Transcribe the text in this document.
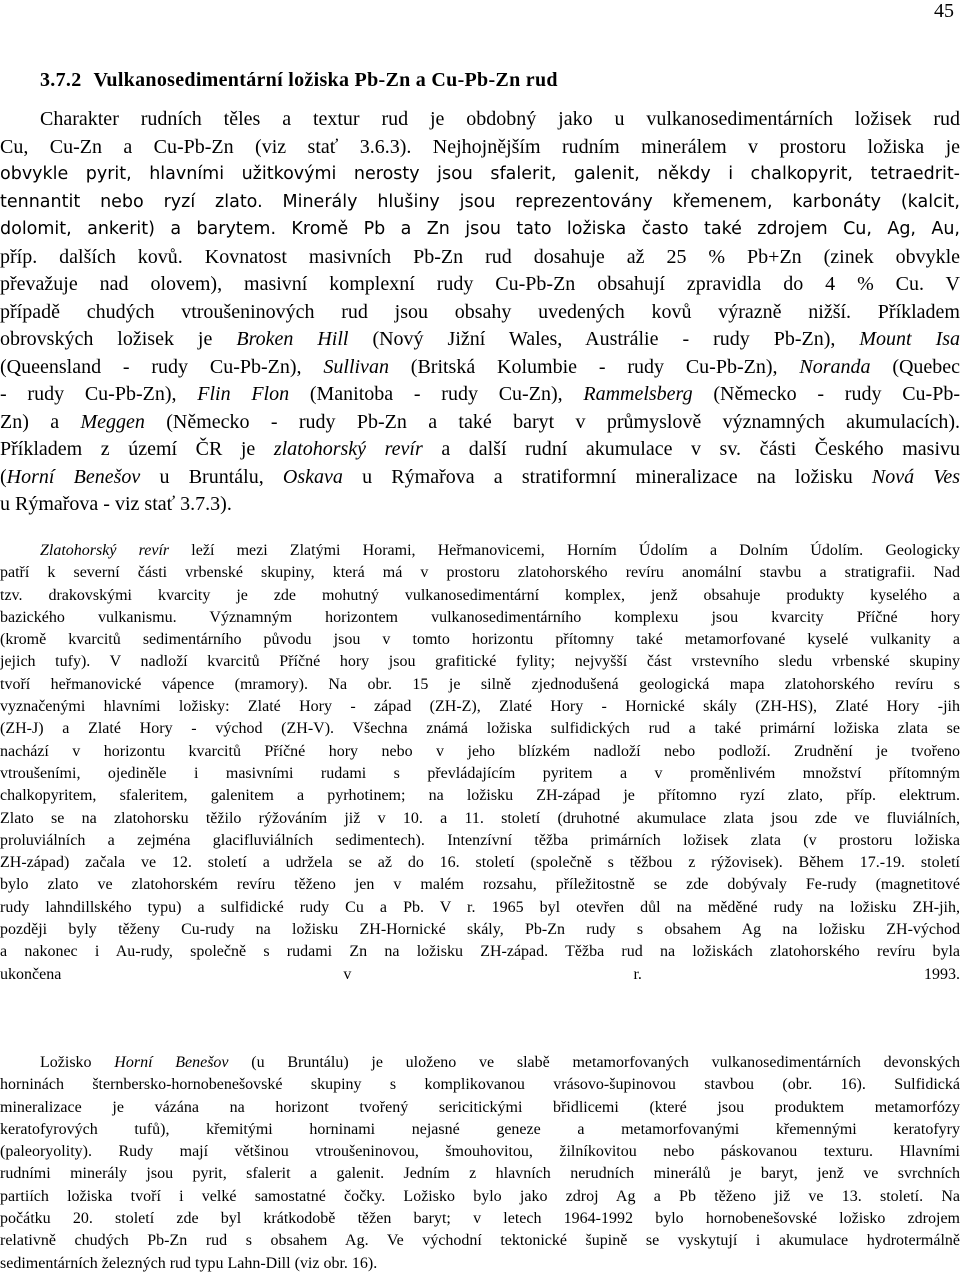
45
3.7.2 Vulkanosedimentární ložiska Pb-Zn a Cu-Pb-Zn rud
Charakter rudních těles a textur rud je obdobný jako u vulkanosedimentárních ložisek rud
Cu, Cu-Zn a Cu-Pb-Zn (viz stať 3.6.3). Nejhojnějším rudním minerálem v prostoru ložiska je
obvykle pyrit, hlavními užitkovými nerosty jsou sfalerit, galenit, někdy i chalkopyrit, tetraedrit-
tennantit nebo ryzí zlato. Minerály hlušiny jsou reprezentovány křemenem, karbonáty (kalcit,
dolomit, ankerit) a barytem. Kromě Pb a Zn jsou tato ložiska často také zdrojem Cu, Ag, Au,
příp. dalších kovů. Kovnatost masivních Pb-Zn rud dosahuje až 25 % Pb+Zn (zinek obvykle
převažuje nad olovem), masivní komplexní rudy Cu-Pb-Zn obsahují zpravidla do 4 % Cu. V
případě chudých vtroušeninových rud jsou obsahy uvedených kovů výrazně nižší. Příkladem
obrovských ložisek je Broken Hill (Nový Jižní Wales, Austrálie - rudy Pb-Zn), Mount Isa
(Queensland - rudy Cu-Pb-Zn), Sullivan (Britská Kolumbie - rudy Cu-Pb-Zn), Noranda (Quebec
- rudy Cu-Pb-Zn), Flin Flon (Manitoba - rudy Cu-Zn), Rammelsberg (Německo - rudy Cu-Pb-
Zn) a Meggen (Německo - rudy Pb-Zn a také baryt v průmyslově významných akumulacích).
Příkladem z území ČR je zlatohorský revír a další rudní akumulace v sv. části Českého masivu
(Horní Benešov u Bruntálu, Oskava u Rýmařova a stratiformní mineralizace na ložisku Nová Ves
u Rýmařova - viz stať 3.7.3).
Zlatohorský revír leží mezi Zlatými Horami, Heřmanovicemi, Horním Údolím a Dolním Údolím. Geologicky
patří k severní části vrbenské skupiny, která má v prostoru zlatohorského revíru anomální stavbu a stratigrafii. Nad
tzv. drakovskými kvarcity je zde mohutný vulkanosedimentární komplex, jenž obsahuje produkty kyselého a
bazického vulkanismu. Významným horizontem vulkanosedimentárního komplexu jsou kvarcity Příčné hory
(kromě kvarcitů sedimentárního původu jsou v tomto horizontu přítomny také metamorfované kyselé vulkanity a
jejich tufy). V nadloží kvarcitů Příčné hory jsou grafitické fylity; nejvyšší část vrstevního sledu vrbenské skupiny
tvoří heřmanovické vápence (mramory). Na obr. 15 je silně zjednodušená geologická mapa zlatohorského revíru s
vyznačenými hlavními ložisky: Zlaté Hory - západ (ZH-Z), Zlaté Hory - Hornické skály (ZH-HS), Zlaté Hory -jih
(ZH-J) a Zlaté Hory - východ (ZH-V). Všechna známá ložiska sulfidických rud a také primární ložiska zlata se
nachází v horizontu kvarcitů Příčné hory nebo v jeho blízkém nadloží nebo podloží. Zrudnění je tvořeno
vtroušeními, ojediněle i masivními rudami s převládajícím pyritem a v proměnlivém množství přítomným
chalkopyritem, sfaleritem, galenitem a pyrhotinem; na ložisku ZH-západ je přítomno ryzí zlato, příp. elektrum.
Zlato se na zlatohorsku těžilo rýžováním již v 10. a 11. století (druhotné akumulace zlata jsou zde ve fluviálních,
proluviálních a zejména glacifluviálních sedimentech). Intenzívní těžba primárních ložisek zlata (v prostoru ložiska
ZH-západ) začala ve 12. století a udržela se až do 16. století (společně s těžbou z rýžovisek). Během 17.-19. století
bylo zlato ve zlatohorském revíru těženo jen v malém rozsahu, příležitostně se zde dobývaly Fe-rudy (magnetitové
rudy lahndillského typu) a sulfidické rudy Cu a Pb. V r. 1965 byl otevřen důl na měděné rudy na ložisku ZH-jih,
později byly těženy Cu-rudy na ložisku ZH-Hornické skály, Pb-Zn rudy s obsahem Ag na ložisku ZH-východ
a nakonec i Au-rudy, společně s rudami Zn na ložisku ZH-západ. Těžba rud na ložiskách zlatohorského revíru byla
ukončena v r. 1993.
Ložisko Horní Benešov (u Bruntálu) je uloženo ve slabě metamorfovaných vulkanosedimentárních devonských
horninách šternbersko-hornobenešovské skupiny s komplikovanou vrásovo-šupinovou stavbou (obr. 16). Sulfidická
mineralizace je vázána na horizont tvořený sericitickými břidlicemi (které jsou produktem metamorfózy
keratofyrových tufů), křemitými horninami nejasné geneze a metamorfovanými křemennými keratofyry
(paleoryolity). Rudy mají většinou vtroušeninovou, šmouhovitou, žilníkovitou nebo páskovanou texturu. Hlavními
rudními minerály jsou pyrit, sfalerit a galenit. Jedním z hlavních nerudních minerálů je baryt, jenž ve svrchních
partiích ložiska tvoří i velké samostatné čočky. Ložisko bylo jako zdroj Ag a Pb těženo již ve 13. století. Na
počátku 20. století zde byl krátkodobě těžen baryt; v letech 1964-1992 bylo hornobenešovské ložisko zdrojem
relativně chudých Pb-Zn rud s obsahem Ag. Ve východní tektonické šupině se vyskytují i akumulace hydrotermálně
sedimentárních železných rud typu Lahn-Dill (viz obr. 16).
